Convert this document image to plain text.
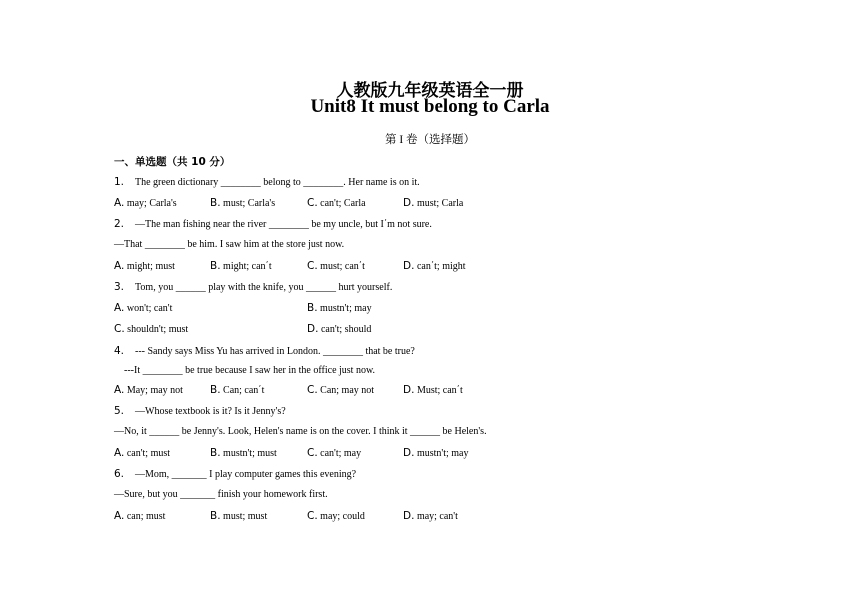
人教版九年级英语全一册
Unit8 It must belong to Carla
第 I 卷（选择题）
一、单选题（共 10 分）
1. The green dictionary ________ belong to ________. Her name is on it.
A. may; Carla's	B. must; Carla's	C. can't; Carla	D. must; Carla
2. —The man fishing near the river ________ be my uncle, but I΄m not sure.
—That ________ be him. I saw him at the store just now.
A. might; must	B. might; can΄t	C. must; can΄t	D. can΄t; might
3. Tom, you ______ play with the knife, you ______ hurt yourself.
A. won't; can't	B. mustn't; may
C. shouldn't; must	D. can't; should
4. --- Sandy says Miss Yu has arrived in London. ________ that be true?
---It ________ be true because I saw her in the office just now.
A. May; may not	B. Can; can΄t	C. Can; may not	D. Must; can΄t
5. —Whose textbook is it? Is it Jenny's?
—No, it ______ be Jenny's. Look, Helen's name is on the cover. I think it ______ be Helen's.
A. can't; must	B. mustn't; must	C. can't; may	D. mustn't; may
6. —Mom, _______ I play computer games this evening?
—Sure, but you _______ finish your homework first.
A. can; must	B. must; must	C. may; could	D. may; can't
